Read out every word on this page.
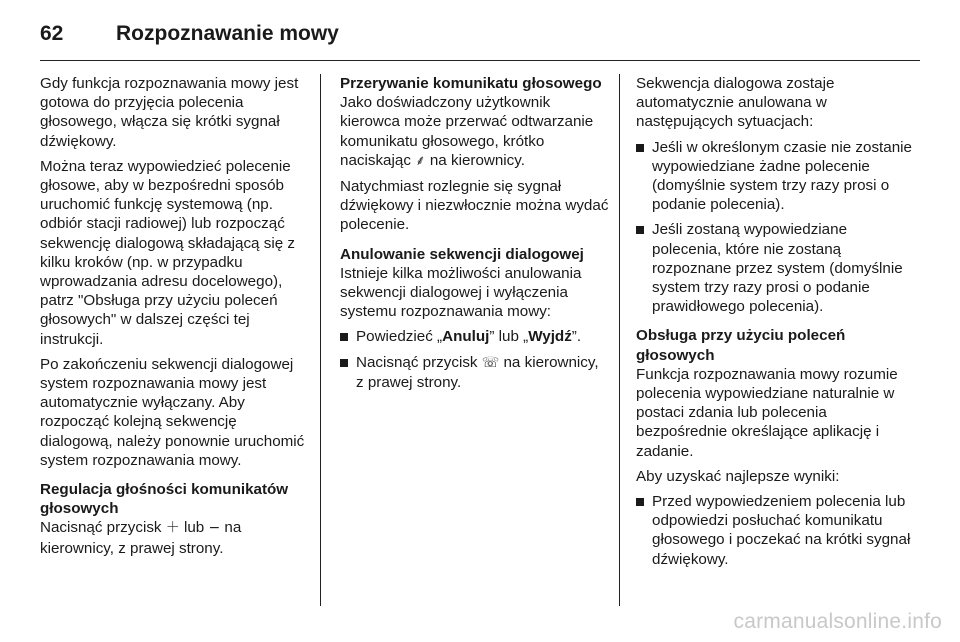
62	Rozpoznawanie mowy

Gdy funkcja rozpoznawania mowy jest gotowa do przyjęcia polecenia głosowego, włącza się krótki sygnał dźwiękowy.

Można teraz wypowiedzieć polecenie głosowe, aby w bezpośredni sposób uruchomić funkcję systemową (np. odbiór stacji radiowej) lub rozpocząć sekwencję dialogową składającą się z kilku kroków (np. w przypadku wprowadzania adresu docelowego), patrz "Obsługa przy użyciu poleceń głosowych" w dalszej części tej instrukcji.

Po zakończeniu sekwencji dialogowej system rozpoznawania mowy jest automatycznie wyłączany. Aby rozpocząć kolejną sekwencję dialogową, należy ponownie uruchomić system rozpoznawania mowy.

Regulacja głośności komunikatów głosowych

Nacisnąć przycisk ＋ lub − na kierownicy, z prawej strony.

Przerywanie komunikatu głosowego

Jako doświadczony użytkownik kierowca może przerwać odtwarzanie komunikatu głosowego, krótko naciskając ⸙ na kierownicy.

Natychmiast rozlegnie się sygnał dźwiękowy i niezwłocznie można wydać polecenie.

Anulowanie sekwencji dialogowej

Istnieje kilka możliwości anulowania sekwencji dialogowej i wyłączenia systemu rozpoznawania mowy:

Powiedzieć „Anuluj” lub „Wyjdź”.
Nacisnąć przycisk ☏ na kierownicy, z prawej strony.

Sekwencja dialogowa zostaje automatycznie anulowana w następujących sytuacjach:

Jeśli w określonym czasie nie zostanie wypowiedziane żadne polecenie (domyślnie system trzy razy prosi o podanie polecenia).
Jeśli zostaną wypowiedziane polecenia, które nie zostaną rozpoznane przez system (domyślnie system trzy razy prosi o podanie prawidłowego polecenia).

Obsługa przy użyciu poleceń głosowych

Funkcja rozpoznawania mowy rozumie polecenia wypowiedziane naturalnie w postaci zdania lub polecenia bezpośrednie określające aplikację i zadanie.

Aby uzyskać najlepsze wyniki:

Przed wypowiedzeniem polecenia lub odpowiedzi posłuchać komunikatu głosowego i poczekać na krótki sygnał dźwiękowy.
carmanualsonline.info
